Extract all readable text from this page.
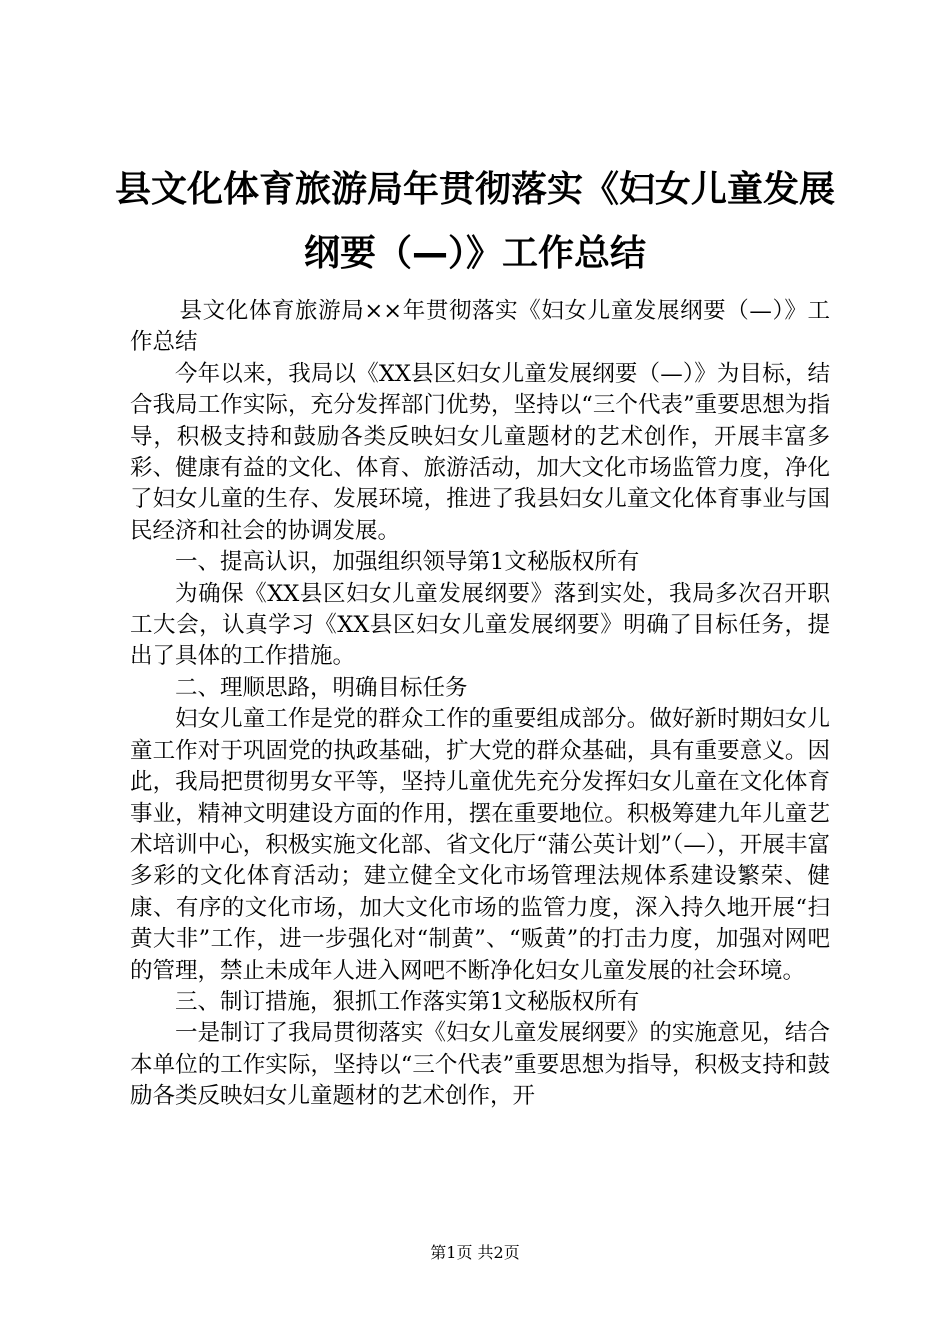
县文化体育旅游局年贯彻落实《妇女儿童发展
纲要（—）》工作总结

县文化体育旅游局××年贯彻落实《妇女儿童发展纲要（—）》工作总结

今年以来，我局以《XX县区妇女儿童发展纲要（—）》为目标，结合我局工作实际，充分发挥部门优势，坚持以“三个代表”重要思想为指导，积极支持和鼓励各类反映妇女儿童题材的艺术创作，开展丰富多彩、健康有益的文化、体育、旅游活动，加大文化市场监管力度，净化了妇女儿童的生存、发展环境，推进了我县妇女儿童文化体育事业与国民经济和社会的协调发展。

一、提高认识，加强组织领导第1文秘版权所有

为确保《XX县区妇女儿童发展纲要》落到实处，我局多次召开职工大会，认真学习《XX县区妇女儿童发展纲要》明确了目标任务，提出了具体的工作措施。

二、理顺思路，明确目标任务

妇女儿童工作是党的群众工作的重要组成部分。做好新时期妇女儿童工作对于巩固党的执政基础，扩大党的群众基础，具有重要意义。因此，我局把贯彻男女平等，坚持儿童优先充分发挥妇女儿童在文化体育事业，精神文明建设方面的作用，摆在重要地位。积极筹建九年儿童艺术培训中心，积极实施文化部、省文化厅“蒲公英计划”（—），开展丰富多彩的文化体育活动；建立健全文化市场管理法规体系建设繁荣、健康、有序的文化市场，加大文化市场的监管力度，深入持久地开展“扫黄大非”工作，进一步强化对“制黄”、“贩黄”的打击力度，加强对网吧的管理，禁止未成年人进入网吧不断净化妇女儿童发展的社会环境。

三、制订措施，狠抓工作落实第1文秘版权所有

一是制订了我局贯彻落实《妇女儿童发展纲要》的实施意见，结合本单位的工作实际，坚持以“三个代表”重要思想为指导，积极支持和鼓励各类反映妇女儿童题材的艺术创作，开

第1页 共2页
